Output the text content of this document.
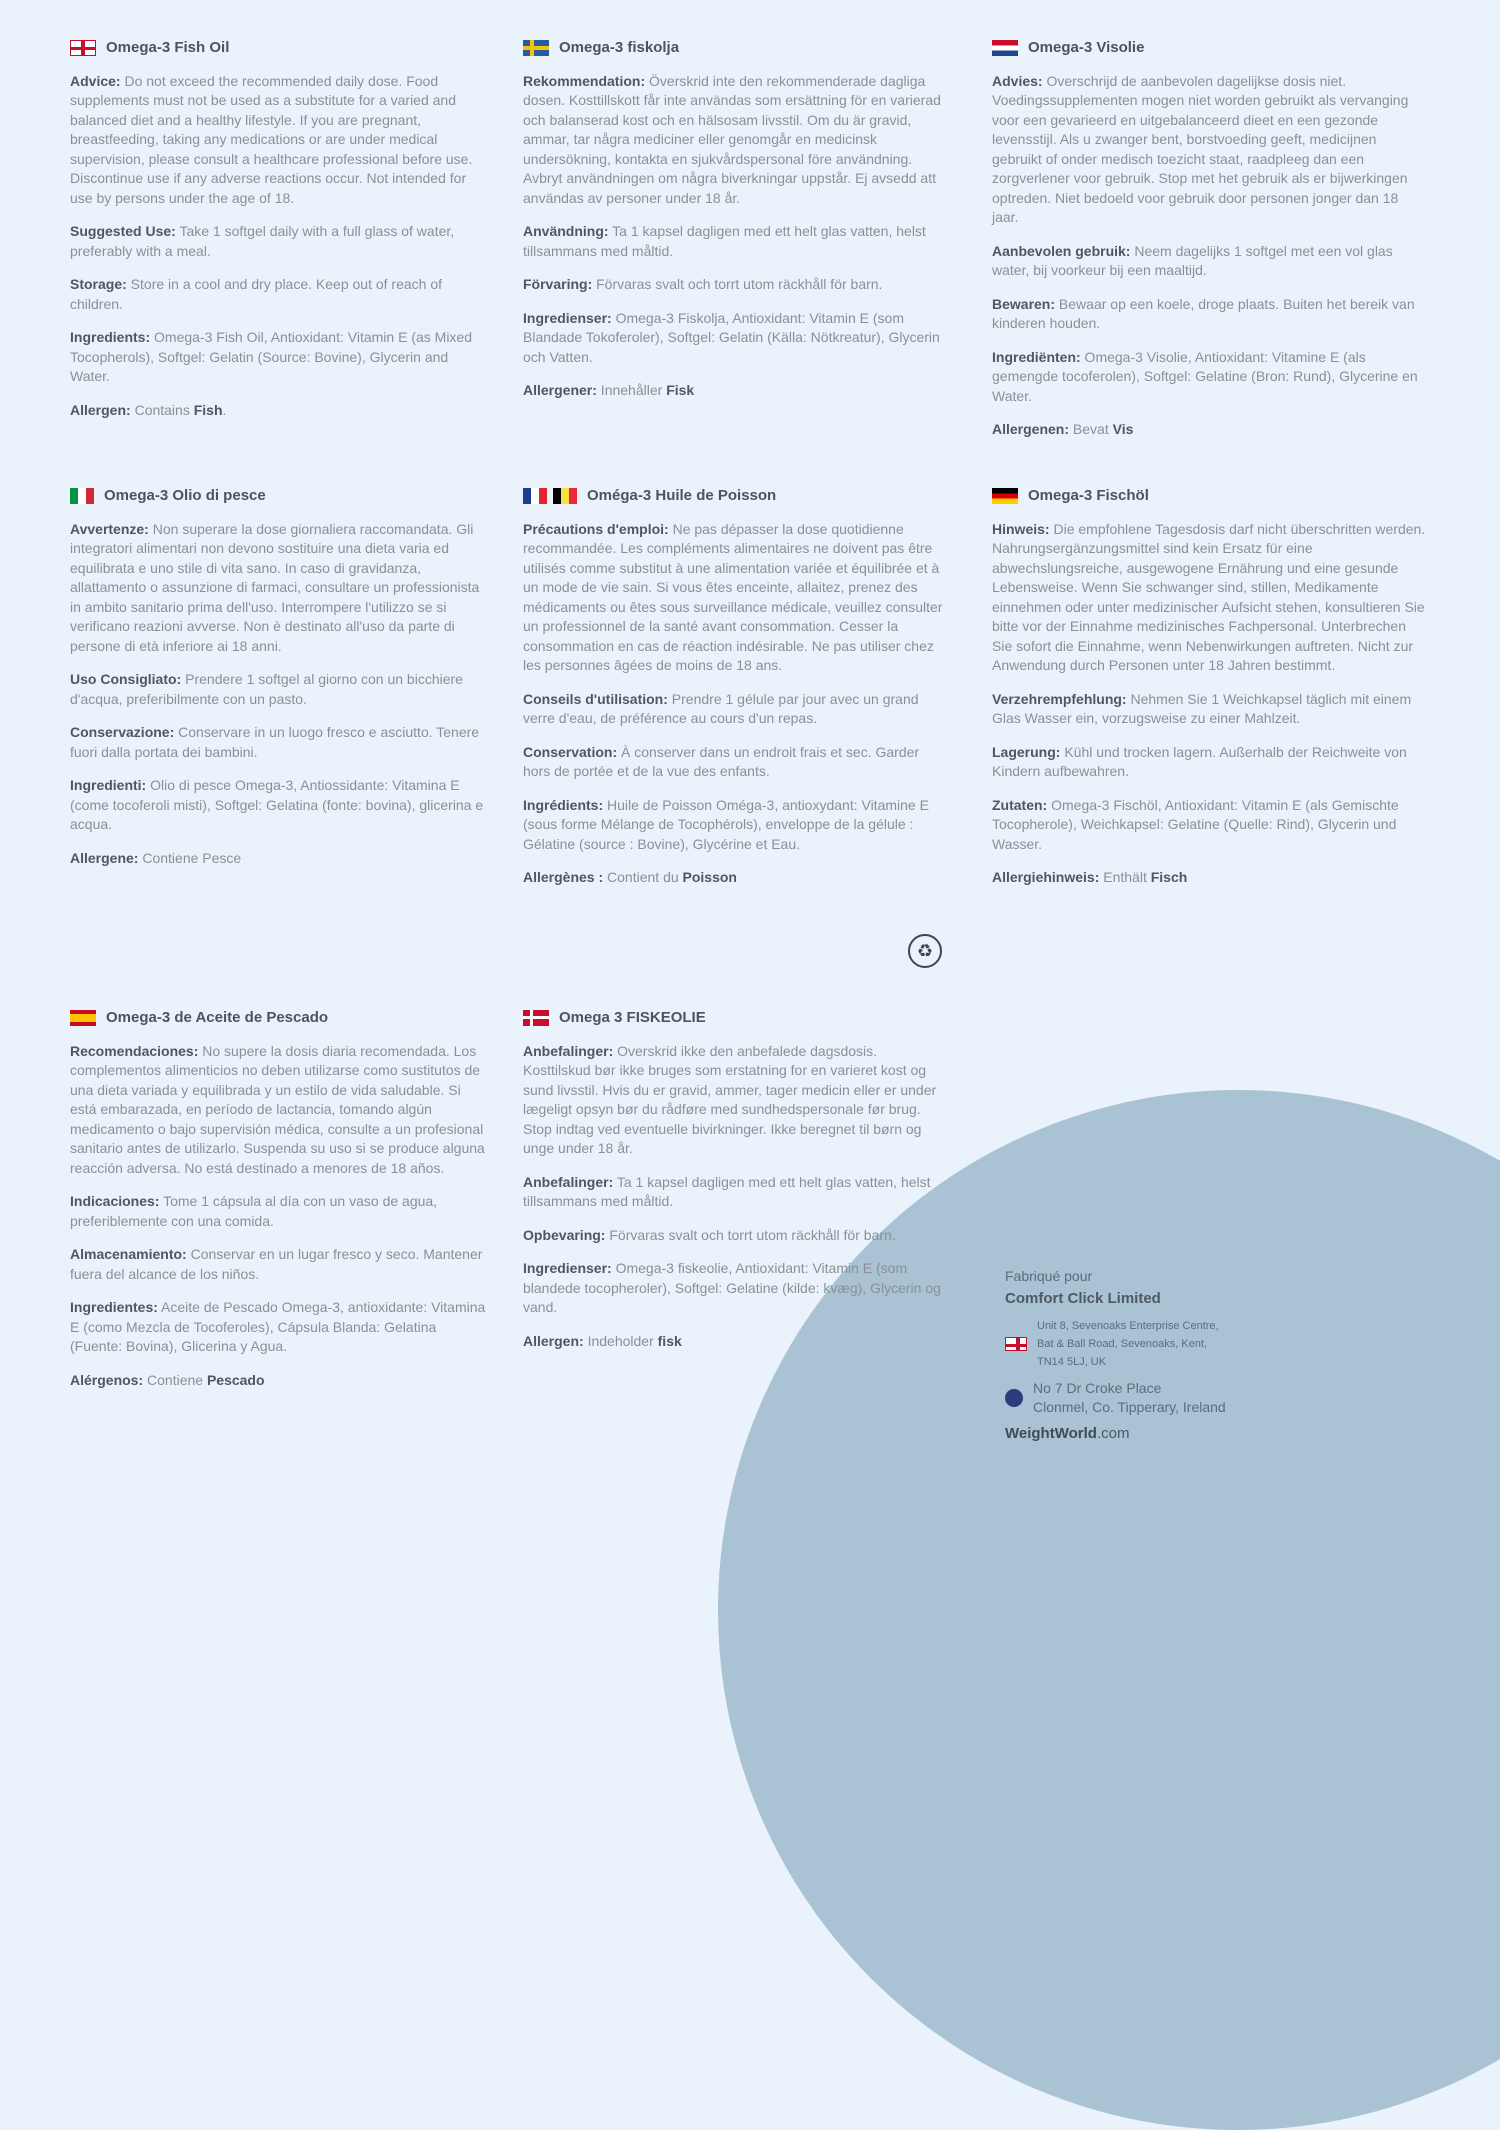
Omega-3 Fish Oil

Advice: Do not exceed the recommended daily dose. Food supplements must not be used as a substitute for a varied and balanced diet and a healthy lifestyle. If you are pregnant, breastfeeding, taking any medications or are under medical supervision, please consult a healthcare professional before use. Discontinue use if any adverse reactions occur. Not intended for use by persons under the age of 18.

Suggested Use: Take 1 softgel daily with a full glass of water, preferably with a meal.

Storage: Store in a cool and dry place. Keep out of reach of children.

Ingredients: Omega-3 Fish Oil, Antioxidant: Vitamin E (as Mixed Tocopherols), Softgel: Gelatin (Source: Bovine), Glycerin and Water.

Allergen: Contains Fish.

Omega-3 fiskolja

Rekommendation: Överskrid inte den rekommenderade dagliga dosen. Kosttillskott får inte användas som ersättning för en varierad och balanserad kost och en hälsosam livsstil. Om du är gravid, ammar, tar några mediciner eller genomgår en medicinsk undersökning, kontakta en sjukvårdspersonal före användning. Avbryt användningen om några biverkningar uppstår. Ej avsedd att användas av personer under 18 år.

Användning: Ta 1 kapsel dagligen med ett helt glas vatten, helst tillsammans med måltid.

Förvaring: Förvaras svalt och torrt utom räckhåll för barn.

Ingredienser: Omega-3 Fiskolja, Antioxidant: Vitamin E (som Blandade Tokoferoler), Softgel: Gelatin (Källa: Nötkreatur), Glycerin och Vatten.

Allergener: Innehåller Fisk

Omega-3 Visolie

Advies: Overschrijd de aanbevolen dagelijkse dosis niet. Voedingssupplementen mogen niet worden gebruikt als vervanging voor een gevarieerd en uitgebalanceerd dieet en een gezonde levensstijl. Als u zwanger bent, borstvoeding geeft, medicijnen gebruikt of onder medisch toezicht staat, raadpleeg dan een zorgverlener voor gebruik. Stop met het gebruik als er bijwerkingen optreden. Niet bedoeld voor gebruik door personen jonger dan 18 jaar.

Aanbevolen gebruik: Neem dagelijks 1 softgel met een vol glas water, bij voorkeur bij een maaltijd.

Bewaren: Bewaar op een koele, droge plaats. Buiten het bereik van kinderen houden.

Ingrediënten: Omega-3 Visolie, Antioxidant: Vitamine E (als gemengde tocoferolen), Softgel: Gelatine (Bron: Rund), Glycerine en Water.

Allergenen: Bevat Vis

Omega-3 Olio di pesce

Avvertenze: Non superare la dose giornaliera raccomandata. Gli integratori alimentari non devono sostituire una dieta varia ed equilibrata e uno stile di vita sano. In caso di gravidanza, allattamento o assunzione di farmaci, consultare un professionista in ambito sanitario prima dell'uso. Interrompere l'utilizzo se si verificano reazioni avverse. Non è destinato all'uso da parte di persone di età inferiore ai 18 anni.

Uso Consigliato: Prendere 1 softgel al giorno con un bicchiere d'acqua, preferibilmente con un pasto.

Conservazione: Conservare in un luogo fresco e asciutto. Tenere fuori dalla portata dei bambini.

Ingredienti: Olio di pesce Omega-3, Antiossidante: Vitamina E (come tocoferoli misti), Softgel: Gelatina (fonte: bovina), glicerina e acqua.

Allergene: Contiene Pesce

Oméga-3 Huile de Poisson

Précautions d'emploi: Ne pas dépasser la dose quotidienne recommandée. Les compléments alimentaires ne doivent pas être utilisés comme substitut à une alimentation variée et équilibrée et à un mode de vie sain. Si vous êtes enceinte, allaitez, prenez des médicaments ou êtes sous surveillance médicale, veuillez consulter un professionnel de la santé avant consommation. Cesser la consommation en cas de réaction indésirable. Ne pas utiliser chez les personnes âgées de moins de 18 ans.

Conseils d'utilisation: Prendre 1 gélule par jour avec un grand verre d'eau, de préférence au cours d'un repas.

Conservation: À conserver dans un endroit frais et sec. Garder hors de portée et de la vue des enfants.

Ingrédients: Huile de Poisson Oméga-3, antioxydant: Vitamine E (sous forme Mélange de Tocophérols), enveloppe de la gélule : Gélatine (source : Bovine), Glycérine et Eau.

Allergènes : Contient du Poisson

Omega-3 Fischöl

Hinweis: Die empfohlene Tagesdosis darf nicht überschritten werden. Nahrungsergänzungsmittel sind kein Ersatz für eine abwechslungsreiche, ausgewogene Ernährung und eine gesunde Lebensweise. Wenn Sie schwanger sind, stillen, Medikamente einnehmen oder unter medizinischer Aufsicht stehen, konsultieren Sie bitte vor der Einnahme medizinisches Fachpersonal. Unterbrechen Sie sofort die Einnahme, wenn Nebenwirkungen auftreten. Nicht zur Anwendung durch Personen unter 18 Jahren bestimmt.

Verzehrempfehlung: Nehmen Sie 1 Weichkapsel täglich mit einem Glas Wasser ein, vorzugsweise zu einer Mahlzeit.

Lagerung: Kühl und trocken lagern. Außerhalb der Reichweite von Kindern aufbewahren.

Zutaten: Omega-3 Fischöl, Antioxidant: Vitamin E (als Gemischte Tocopherole), Weichkapsel: Gelatine (Quelle: Rind), Glycerin und Wasser.

Allergiehinweis: Enthält Fisch

Omega-3 de Aceite de Pescado

Recomendaciones: No supere la dosis diaria recomendada. Los complementos alimenticios no deben utilizarse como sustitutos de una dieta variada y equilibrada y un estilo de vida saludable. Si está embarazada, en período de lactancia, tomando algún medicamento o bajo supervisión médica, consulte a un profesional sanitario antes de utilizarlo. Suspenda su uso si se produce alguna reacción adversa. No está destinado a menores de 18 años.

Indicaciones: Tome 1 cápsula al día con un vaso de agua, preferiblemente con una comida.

Almacenamiento: Conservar en un lugar fresco y seco. Mantener fuera del alcance de los niños.

Ingredientes: Aceite de Pescado Omega-3, antioxidante: Vitamina E (como Mezcla de Tocoferoles), Cápsula Blanda: Gelatina (Fuente: Bovina), Glicerina y Agua.

Alérgenos: Contiene Pescado

Omega 3 FISKEOLIE

Anbefalinger: Overskrid ikke den anbefalede dagsdosis. Kosttilskud bør ikke bruges som erstatning for en varieret kost og sund livsstil. Hvis du er gravid, ammer, tager medicin eller er under lægeligt opsyn bør du rådføre med sundhedspersonale før brug. Stop indtag ved eventuelle bivirkninger. Ikke beregnet til børn og unge under 18 år.

Anbefalinger: Ta 1 kapsel dagligen med ett helt glas vatten, helst tillsammans med måltid.

Opbevaring: Förvaras svalt och torrt utom räckhåll för barn.

Ingredienser: Omega-3 fiskeolie, Antioxidant: Vitamin E (som blandede tocopheroler), Softgel: Gelatine (kilde: kvæg), Glycerin og vand.

Allergen: Indeholder fisk

♻
Fabriqué pour
Comfort Click Limited
Unit 8, Sevenoaks Enterprise Centre,
Bat & Ball Road, Sevenoaks, Kent,
TN14 5LJ, UK
No 7 Dr Croke Place
Clonmel, Co. Tipperary, Ireland
WeightWorld.com
